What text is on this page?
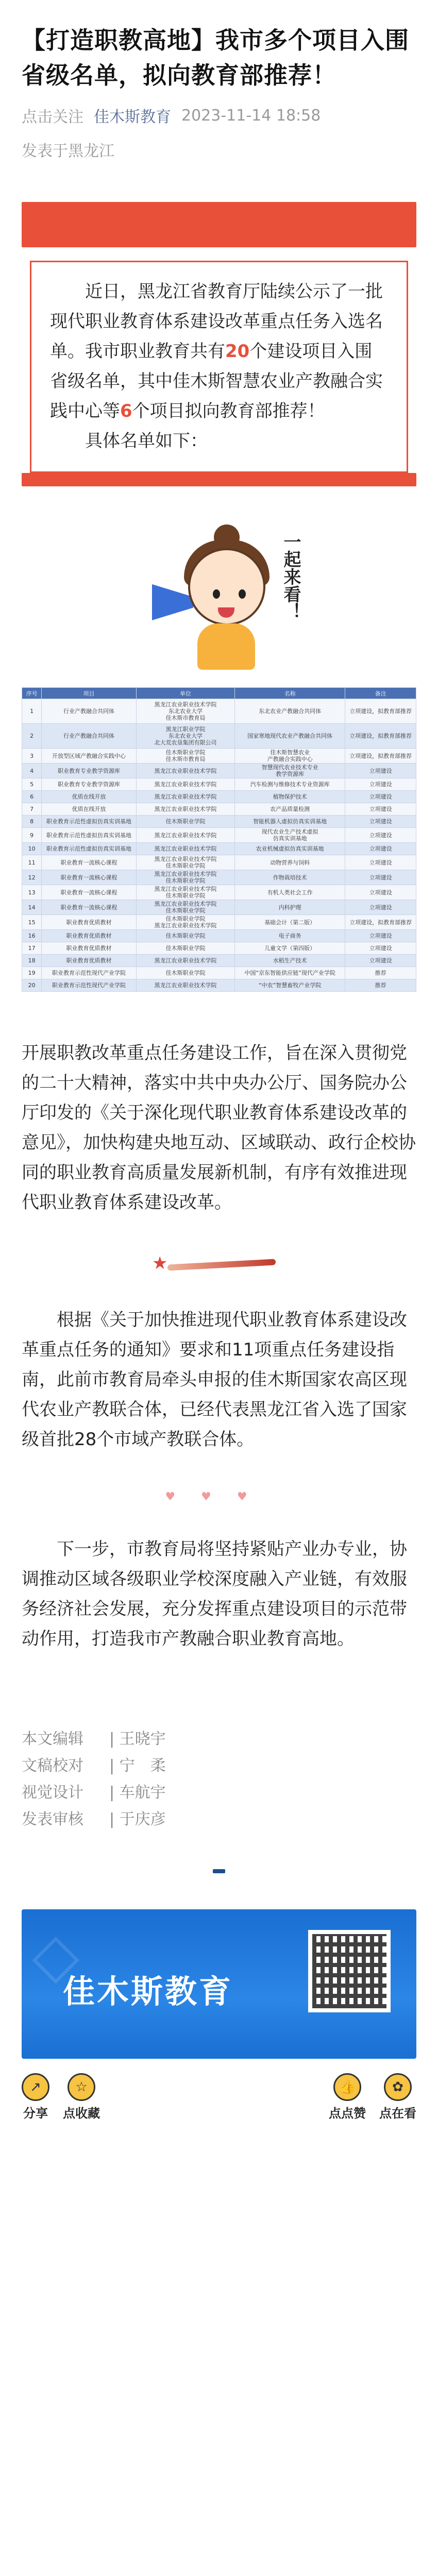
【打造职教高地】我市多个项目入围省级名单，拟向教育部推荐！
点击关注 佳木斯教育 2023-11-14 18:58
发表于黑龙江

近日，黑龙江省教育厅陆续公示了一批现代职业教育体系建设改革重点任务入选名单。我市职业教育共有20个建设项目入围省级名单，其中佳木斯智慧农业产教融合实践中心等6个项目拟向教育部推荐！

具体名单如下：

一起来看！
序号	项目	单位	名称	备注
1	行业产教融合共同体	黑龙江农业职业技术学院
东北农业大学
佳木斯市教育局	东北农业产教融合共同体	立项建设，拟教育部推荐
2	行业产教融合共同体	黑龙江职业学院
东北农业大学
北大荒农垦集团有限公司	国家寒地现代农业产教融合共同体	立项建设，拟教育部推荐
3	开放型区域产教融合实践中心	佳木斯职业学院
佳木斯市教育局	佳木斯智慧农业
产教融合实践中心	立项建设，拟教育部推荐
4	职业教育专业教学资源库	黑龙江农业职业技术学院	智慧现代农业技术专业
教学资源库	立项建设
5	职业教育专业教学资源库	黑龙江农业职业技术学院	汽车检测与维修技术专业资源库	立项建设
6	优质在线开放	黑龙江农业职业技术学院	植物保护技术	立项建设
7	优质在线开放	黑龙江农业职业技术学院	农产品质量检测	立项建设
8	职业教育示范性虚拟仿真实训基地	佳木斯职业学院	智能机器人虚拟仿真实训基地	立项建设
9	职业教育示范性虚拟仿真实训基地	黑龙江农业职业技术学院	现代农业生产技术虚拟
仿真实训基地	立项建设
10	职业教育示范性虚拟仿真实训基地	黑龙江农业职业技术学院	农业机械虚拟仿真实训基地	立项建设
11	职业教育一流核心课程	黑龙江农业职业技术学院
佳木斯职业学院	动物营养与饲料	立项建设
12	职业教育一流核心课程	黑龙江农业职业技术学院
佳木斯职业学院	作物栽培技术	立项建设
13	职业教育一流核心课程	黑龙江农业职业技术学院
佳木斯职业学院	有机人类社会工作	立项建设
14	职业教育一流核心课程	黑龙江农业职业技术学院
佳木斯职业学院	内科护理	立项建设
15	职业教育优质教材	佳木斯职业学院
黑龙江农业职业技术学院	基础会计（第二版）	立项建设，拟教育部推荐
16	职业教育优质教材	佳木斯职业学院	电子商务	立项建设
17	职业教育优质教材	佳木斯职业学院	儿童文学（第四版）	立项建设
18	职业教育优质教材	黑龙江农业职业技术学院	水稻生产技术	立项建设
19	职业教育示范性现代产业学院	佳木斯职业学院	中国“京东智能供应链”现代产业学院	推荐
20	职业教育示范性现代产业学院	黑龙江农业职业技术学院	“中农”智慧畜牧产业学院	推荐

开展职教改革重点任务建设工作，旨在深入贯彻党的二十大精神，落实中共中央办公厅、国务院办公厅印发的《关于深化现代职业教育体系建设改革的意见》，加快构建央地互动、区域联动、政行企校协同的职业教育高质量发展新机制，有序有效推进现代职业教育体系建设改革。

★

根据《关于加快推进现代职业教育体系建设改革重点任务的通知》要求和11项重点任务建设指南，此前市教育局牵头申报的佳木斯国家农高区现代农业产教联合体，已经代表黑龙江省入选了国家级首批28个市域产教联合体。

♥♥♥

下一步，市教育局将坚持紧贴产业办专业，协调推动区域各级职业学校深度融入产业链，有效服务经济社会发展，充分发挥重点建设项目的示范带动作用，打造我市产教融合职业教育高地。

本文编辑	| 王晓宇
文稿校对	| 宁　柔
视觉设计	| 车航宇
发表审核	| 于庆彦
◇
佳木斯教育
↗
分享
☆
点收藏
👍
点点赞
✿
点在看
